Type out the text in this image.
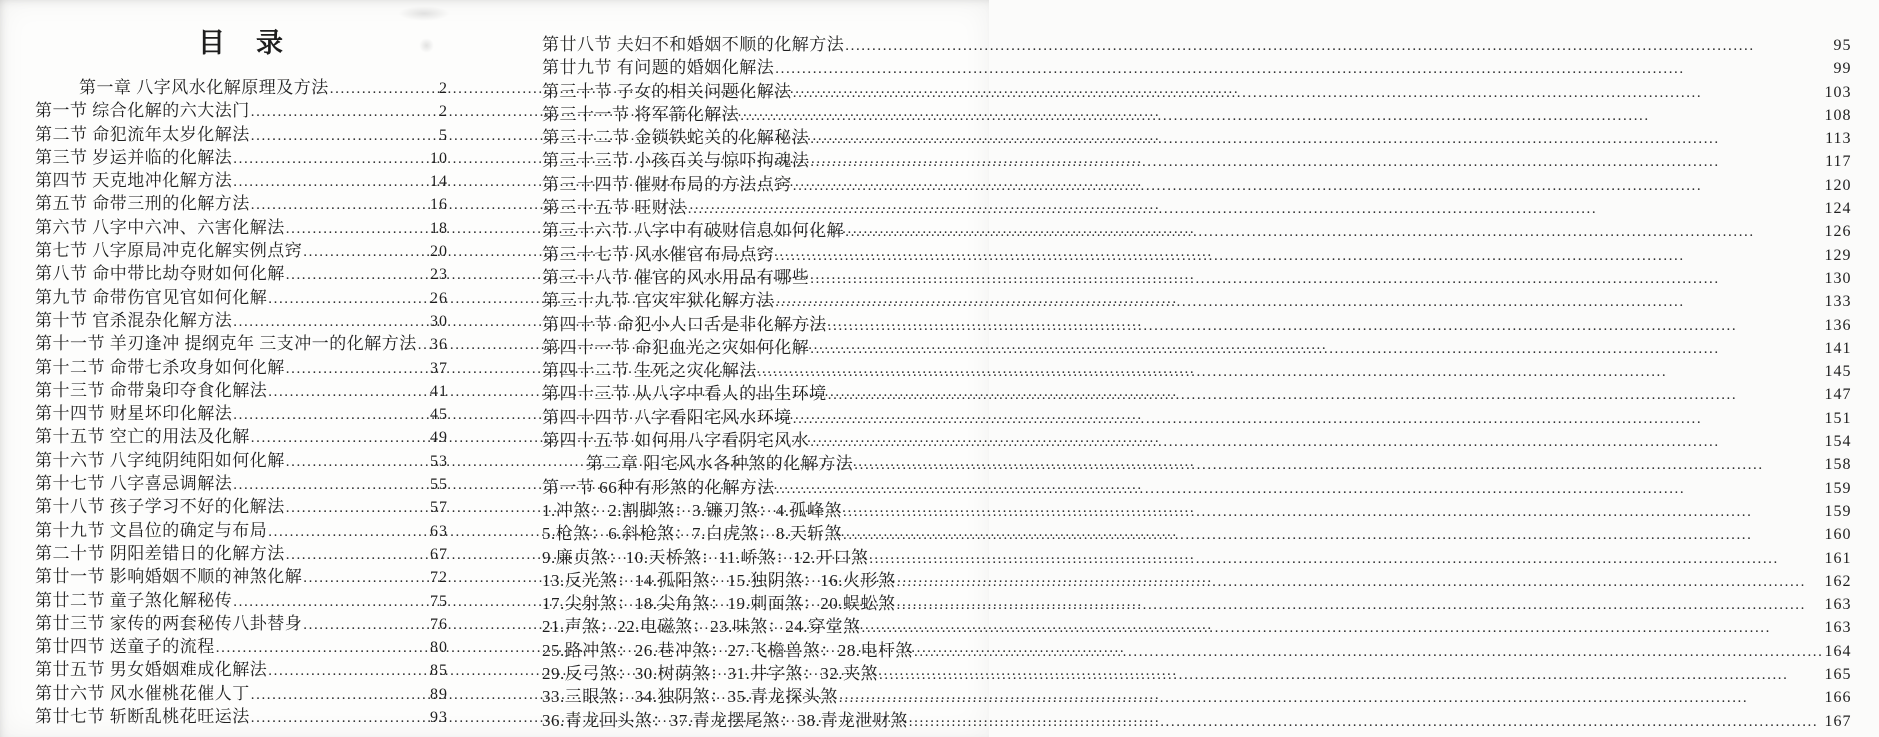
目　录
第一章 八字风水化解原理及方法 .....	2
第一节 综合化解的六大法门 .....	2
第二节 命犯流年太岁化解法 .....	5
第三节 岁运并临的化解法 .....	10
第四节 天克地冲化解方法 .....	14
第五节 命带三刑的化解方法 .....	16
第六节 八字中六冲、六害化解法 .....	18
第七节 八字原局冲克化解实例点窍 .....	20
第八节 命中带比劫夺财如何化解 .....	23
第九节 命带伤官见官如何化解 .....	26
第十节 官杀混杂化解方法 .....	30
第十一节 羊刃逢冲 提纲克年 三支冲一的化解方法 ..... 36
第十二节 命带七杀攻身如何化解 .....	37
第十三节 命带枭印夺食化解法 .....	41
第十四节 财星坏印化解法 .....	45
第十五节 空亡的用法及化解 .....	49
第十六节 八字纯阴纯阳如何化解 .....	53
第十七节 八字喜忌调解法 .....	55
第十八节 孩子学习不好的化解法 .....	57
第十九节 文昌位的确定与布局 .....	63
第二十节 阴阳差错日的化解方法 .....	67
第廿一节 影响婚姻不顺的神煞化解 .....	72
第廿二节 童子煞化解秘传 .....	75
第廿三节 家传的两套秘传八卦替身 .....	76
第廿四节 送童子的流程 .....	80
第廿五节 男女婚姻难成化解法 .....	85
第廿六节 风水催桃花催人丁 .....	89
第廿七节 斩断乱桃花旺运法 .....	93
第廿八节 夫妇不和婚姻不顺的化解方法 .....	95
第廿九节 有问题的婚姻化解法 .....	99
第三十节 子女的相关问题化解法 .....	103
第三十一节 将军箭化解法 .....	108
第三十二节 金锁铁蛇关的化解秘法 .....	113
第三十三节 小孩百关与惊吓拘魂法 .....	117
第三十四节 催财布局的方法点窍 .....	120
第三十五节 旺财法 .....	124
第三十六节 八字中有破财信息如何化解 .....	126
第三十七节 风水催官布局点窍 .....	129
第三十八节 催官的风水用品有哪些 .....	130
第三十九节 官灾牢狱化解方法 .....	133
第四十节 命犯小人口舌是非化解方法 .....	136
第四十一节 命犯血光之灾如何化解 .....	141
第四十二节 生死之灾化解法 .....	145
第四十三节 从八字中看人的出生环境 .....	147
第四十四节 八字看阳宅风水环境 .....	151
第四十五节 如何用八字看阴宅风水 .....	154
第二章 阳宅风水各种煞的化解方法 .....	158
第一节 66种有形煞的化解方法 .....	159
1.冲煞：2.割脚煞：3.镰刀煞：4.孤峰煞 .....	159
5.枪煞：6.斜枪煞：7.白虎煞：8.天斩煞 .....	160
9.廉贞煞：10.天桥煞：11.峤煞：12.开口煞 .....	161
13.反光煞：14.孤阳煞：15.独阴煞：16.火形煞 .....	162
17.尖射煞：18.尖角煞：19.刺面煞：20.蜈蚣煞 .....	163
21.声煞：22.电磁煞：23.味煞：24.穿堂煞 .....	163
25.路冲煞：26.巷冲煞：27.飞檐兽煞：28.电杆煞 .....	164
29.反弓煞：30.树荫煞：31.井字煞：32.夹煞 .....	165
33.三眼煞：34.独阴煞：35.青龙探头煞 .....	166
36.青龙回头煞：37.青龙摆尾煞：38.青龙泄财煞 .....	167
